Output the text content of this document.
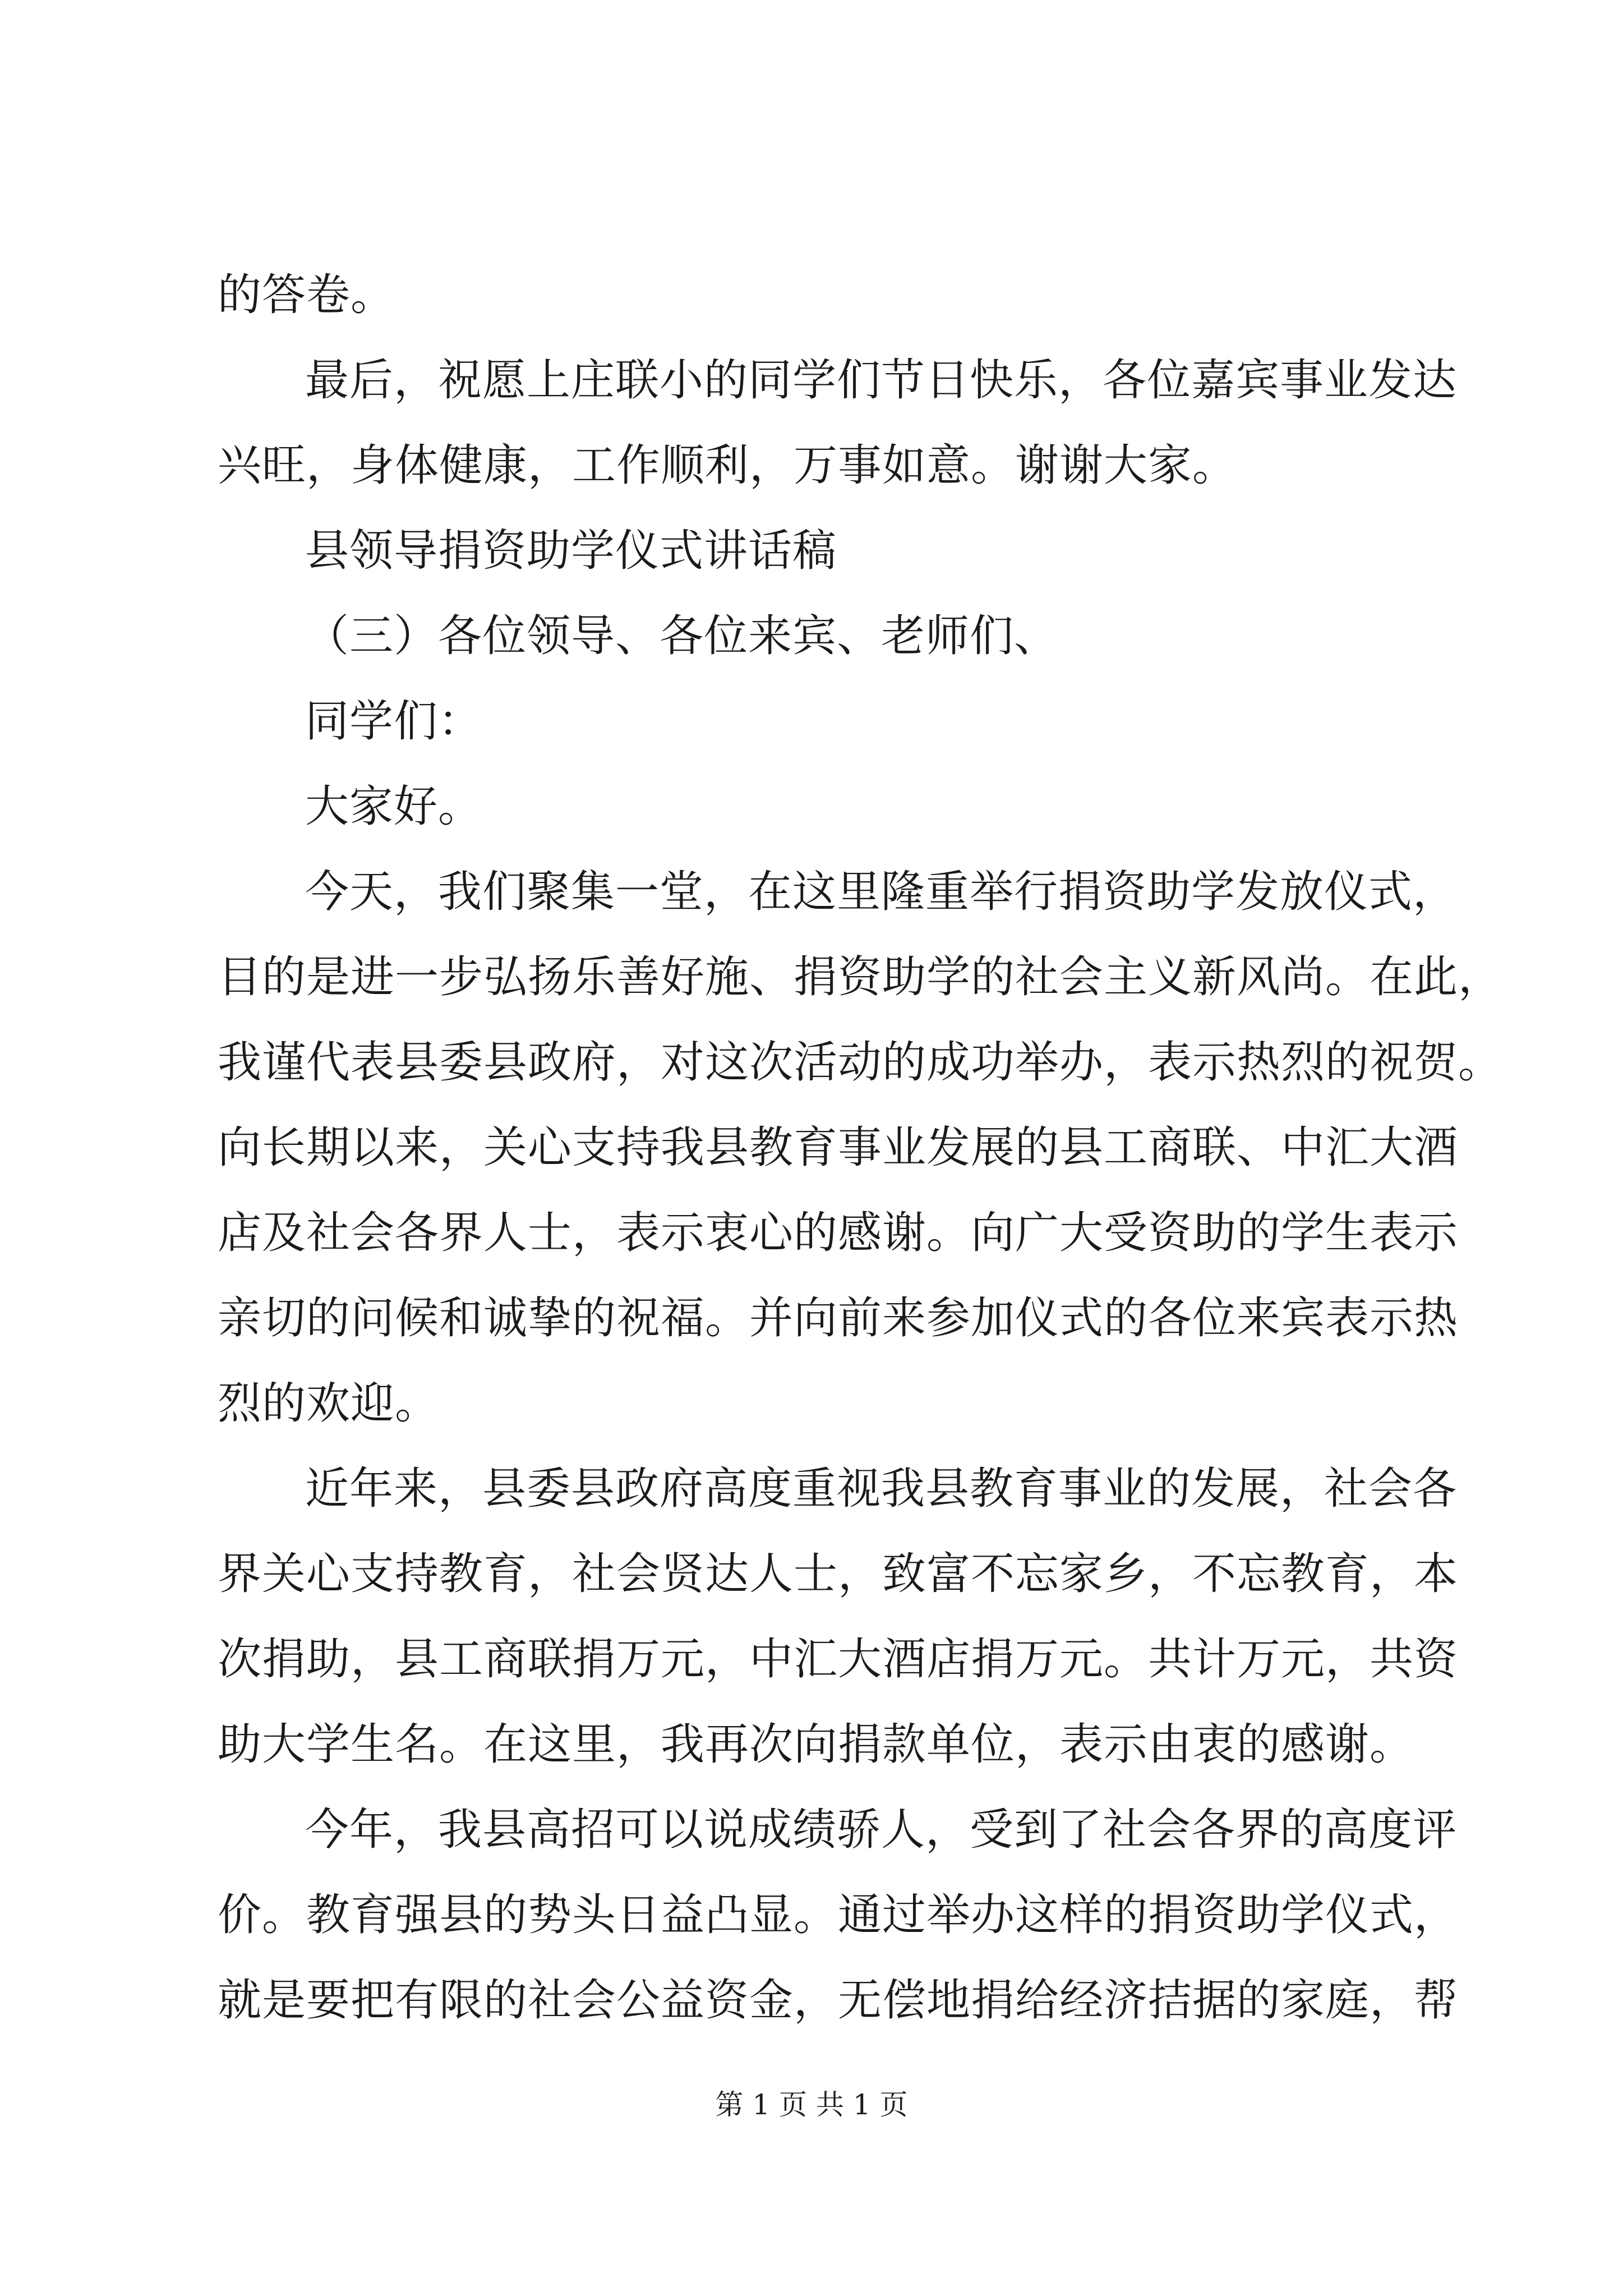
的答卷。
最后，祝愿上庄联小的同学们节日快乐，各位嘉宾事业发达
兴旺，身体健康，工作顺利，万事如意。谢谢大家。
县领导捐资助学仪式讲话稿
（三）各位领导、各位来宾、老师们、
同学们：
大家好。
今天，我们聚集一堂，在这里隆重举行捐资助学发放仪式，
目的是进一步弘扬乐善好施、捐资助学的社会主义新风尚。在此，
我谨代表县委县政府，对这次活动的成功举办，表示热烈的祝贺。
向长期以来，关心支持我县教育事业发展的县工商联、中汇大酒
店及社会各界人士，表示衷心的感谢。向广大受资助的学生表示
亲切的问候和诚挚的祝福。并向前来参加仪式的各位来宾表示热
烈的欢迎。
近年来，县委县政府高度重视我县教育事业的发展，社会各
界关心支持教育，社会贤达人士，致富不忘家乡，不忘教育，本
次捐助，县工商联捐万元，中汇大酒店捐万元。共计万元，共资
助大学生名。在这里，我再次向捐款单位，表示由衷的感谢。
今年，我县高招可以说成绩骄人，受到了社会各界的高度评
价。教育强县的势头日益凸显。通过举办这样的捐资助学仪式，
就是要把有限的社会公益资金，无偿地捐给经济拮据的家庭，帮
第 1 页 共 1 页
